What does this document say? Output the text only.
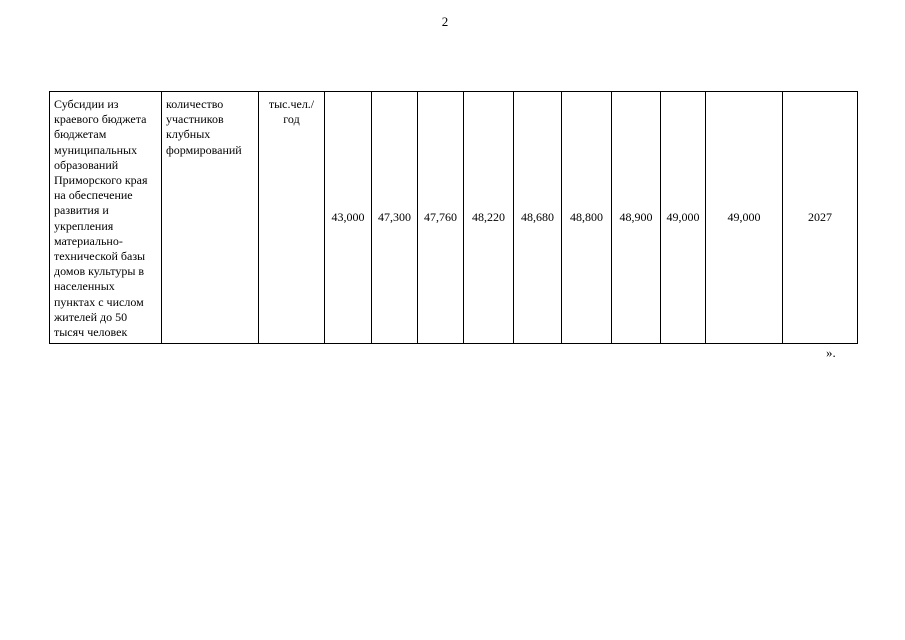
2
Субсидии из краевого бюджета бюджетам муниципальных образований Приморского края на обеспечение развития и укрепления материально-технической базы домов культуры в населенных пунктах с числом жителей до 50 тысяч человек	количество участников клубных формирований	тыс.чел./ год	43,000	47,300	47,760	48,220	48,680	48,800	48,900	49,000	49,000	2027
».
